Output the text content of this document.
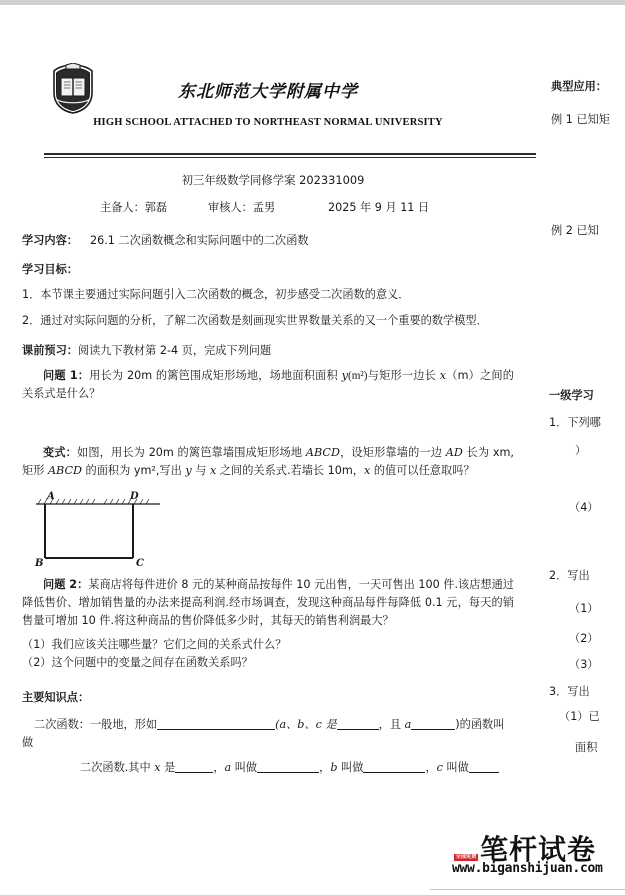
东北师范大学附属中学
HIGH SCHOOL ATTACHED TO NORTHEAST NORMAL UNIVERSITY
初三年级数学同修学案 202331009
主备人：郭磊	审核人：孟男	2025 年 9 月 11 日
学习内容： 26.1 二次函数概念和实际问题中的二次函数
学习目标：
1．本节课主要通过实际问题引入二次函数的概念，初步感受二次函数的意义．
2．通过对实际问题的分析，了解二次函数是刻画现实世界数量关系的又一个重要的数学模型．
课前预习：阅读九下教材第 2-4 页，完成下列问题
问题 1：用长为 20m 的篱笆围成矩形场地，场地面积面积 y(m²)与矩形一边长 x（m）之间的关系式是什么？
变式：如图，用长为 20m 的篱笆靠墙围成矩形场地 ABCD，设矩形靠墙的一边 AD 长为 xm,矩形 ABCD 的面积为 ym²,写出 y 与 x 之间的关系式.若墙长 10m，x 的值可以任意取吗？
A	D
B	C
问题 2：某商店将每件进价 8 元的某种商品按每件 10 元出售，一天可售出 100 件.该店想通过降低售价、增加销售量的办法来提高利润.经市场调查，发现这种商品每件每降低 0.1 元，每天的销售量可增加 10 件.将这种商品的售价降低多少时，其每天的销售利润最大？
（1）我们应该关注哪些量？它们之间的关系式什么？
（2）这个问题中的变量之间存在函数关系吗？
主要知识点：
二次函数：一般地，形如	(a、b、c 是	，且 a	)的函数叫做
二次函数.其中 x 是	，a 叫做	，b 叫做	，c 叫做
典型应用：
例 1 已知矩
例 2 已知
一级学习
1．下列哪
）
（4）
2．写出
（1）
（2）
（3）
3．写出
（1）已
面积
笔杆试卷
全部免费
www.biganshijuan.com
